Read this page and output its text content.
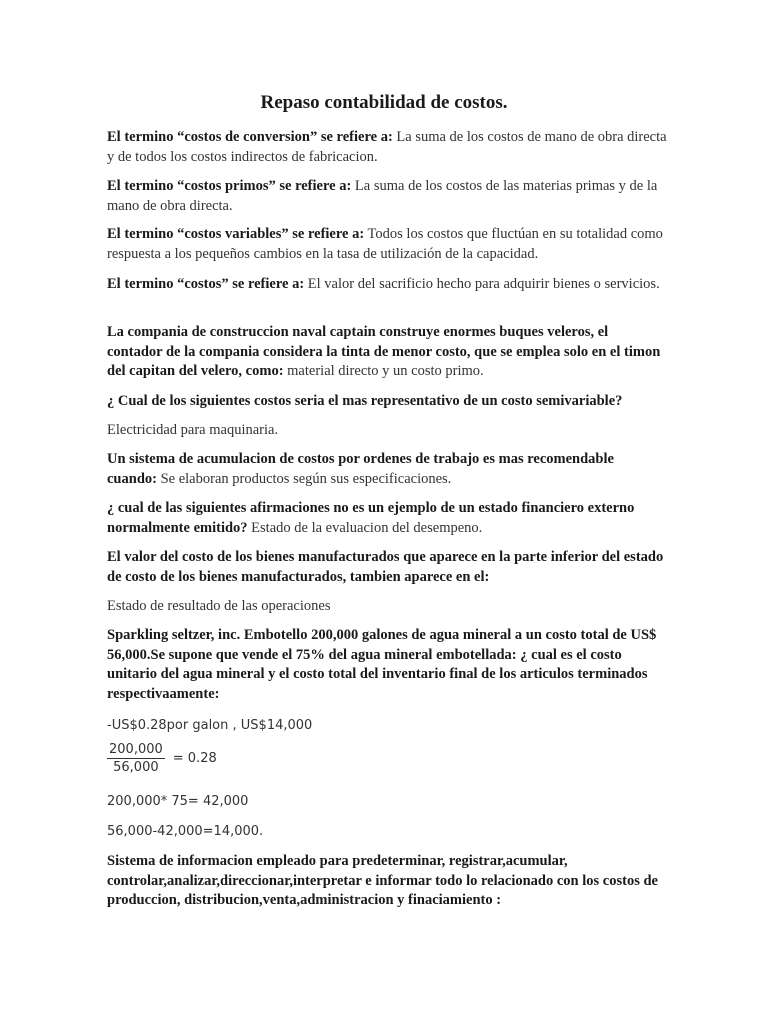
Repaso contabilidad de costos.
El termino “costos de conversion” se refiere a: La suma de los costos de mano de obra directa y de todos los costos indirectos de fabricacion.
El termino “costos primos” se refiere a: La suma de los costos de las materias primas y de la mano de obra directa.
El termino “costos variables” se refiere a: Todos los costos que fluctúan en su totalidad como respuesta a los pequeños cambios en la tasa de utilización de la capacidad.
El termino “costos” se refiere a: El valor del sacrificio hecho para adquirir bienes o servicios.
La compania de construccion naval captain construye enormes buques veleros, el contador de la compania considera la tinta de menor costo, que se emplea solo en el timon del capitan del velero, como: material directo y un costo primo.
¿ Cual de los siguientes costos seria el mas representativo de un costo semivariable?
Electricidad para maquinaria.
Un sistema de acumulacion de costos por ordenes de trabajo es mas recomendable cuando: Se elaboran productos según sus especificaciones.
¿ cual de las siguientes afirmaciones no es un ejemplo de un estado financiero externo normalmente emitido? Estado de la evaluacion del desempeno.
El valor del costo de los bienes manufacturados que aparece en la parte inferior del estado de costo de los bienes manufacturados, tambien aparece en el:
Estado de resultado de las operaciones
Sparkling seltzer, inc. Embotello 200,000 galones de agua mineral a un costo total de US$ 56,000.Se supone que vende el 75% del agua mineral embotellada: ¿ cual es el costo unitario del agua mineral y el costo total del inventario final de los articulos terminados respectivaamente:
-US$0.28por galon , US$14,000
$\frac{200,000}{56,000} = 0.28$
200,000* 75= 42,000
56,000-42,000=14,000.
Sistema de informacion empleado para predeterminar, registrar,acumular, controlar,analizar,direccionar,interpretar e informar todo lo relacionado con los costos de produccion, distribucion,venta,administracion y finaciamiento :
